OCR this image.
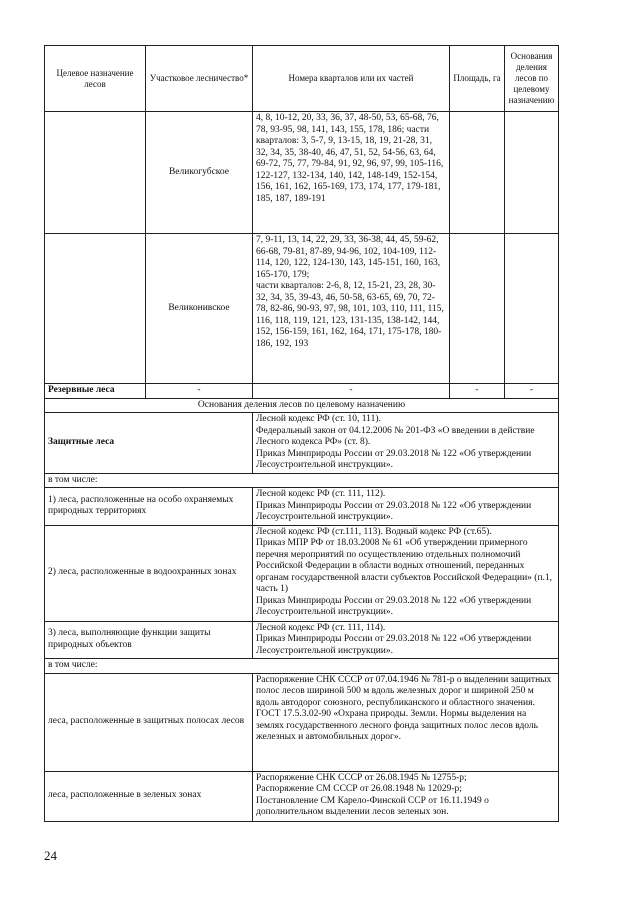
Целевое назначение лесов	Участковое лесничество*	Номера кварталов или их частей	Площадь, га	Основания деления лесов по целевому назначению
	Великогубское	4, 8, 10-12, 20, 33, 36, 37, 48-50, 53, 65-68, 76, 78, 93-95, 98, 141, 143, 155, 178, 186; части кварталов: 3, 5-7, 9, 13-15, 18, 19, 21-28, 31, 32, 34, 35, 38-40, 46, 47, 51, 52, 54-56, 63, 64, 69-72, 75, 77, 79-84, 91, 92, 96, 97, 99, 105-116, 122-127, 132-134, 140, 142, 148-149, 152-154, 156, 161, 162, 165-169, 173, 174, 177, 179-181, 185, 187, 189-191		
	Великонивское	7, 9-11, 13, 14, 22, 29, 33, 36-38, 44, 45, 59-62, 66-68, 79-81, 87-89, 94-96, 102, 104-109, 112-114, 120, 122, 124-130, 143, 145-151, 160, 163, 165-170, 179;
части кварталов: 2-6, 8, 12, 15-21, 23, 28, 30-32, 34, 35, 39-43, 46, 50-58, 63-65, 69, 70, 72-78, 82-86, 90-93, 97, 98, 101, 103, 110, 111, 115, 116, 118, 119, 121, 123, 131-135, 138-142, 144, 152, 156-159, 161, 162, 164, 171, 175-178, 180-186, 192, 193		

Резервные леса	-	-	-	-
Основания деления лесов по целевому назначению				
Защитные леса		Лесной кодекс РФ (ст. 10, 111).
Федеральный закон от 04.12.2006 № 201-ФЗ «О введении в действие Лесного кодекса РФ» (ст. 8).
Приказ Минприроды России от 29.03.2018 № 122 «Об утверждении Лесоустроительной инструкции».		

в том числе:				
1) леса, расположенные на особо охраняемых природных территориях		Лесной кодекс РФ (ст. 111, 112).
Приказ Минприроды России от 29.03.2018 № 122 «Об утверждении Лесоустроительной инструкции».		

2) леса, расположенные в водоохранных зонах		Лесной кодекс РФ (ст.111, 113). Водный кодекс РФ (ст.65).
Приказ МПР РФ от 18.03.2008 № 61 «Об утверждении примерного перечня мероприятий по осуществлению отдельных полномочий Российской Федерации в области водных отношений, переданных органам государственной власти субъектов Российской Федерации» (п.1, часть 1)
Приказ Минприроды России от 29.03.2018 № 122 «Об утверждении Лесоустроительной инструкции».		

3) леса, выполняющие функции защиты природных объектов		Лесной кодекс РФ (ст. 111, 114).
Приказ Минприроды России от 29.03.2018 № 122 «Об утверждении Лесоустроительной инструкции».		

в том числе:				
леса, расположенные в защитных полосах лесов		Распоряжение СНК СССР от 07.04.1946 № 781-р о выделении защитных полос лесов шириной 500 м вдоль железных дорог и шириной 250 м вдоль автодорог союзного, республиканского и областного значения.
ГОСТ 17.5.3.02-90 «Охрана природы. Земли. Нормы выделения на землях государственного лесного фонда защитных полос лесов вдоль железных и автомобильных дорог».		

леса, расположенные в зеленых зонах		Распоряжение СНК СССР от 26.08.1945 № 12755-р;
Распоряжение СМ СССР от 26.08.1948 № 12029-р;
Постановление СМ Карело-Финской ССР от 16.11.1949 о дополнительном выделении лесов зеленых зон.		
24
